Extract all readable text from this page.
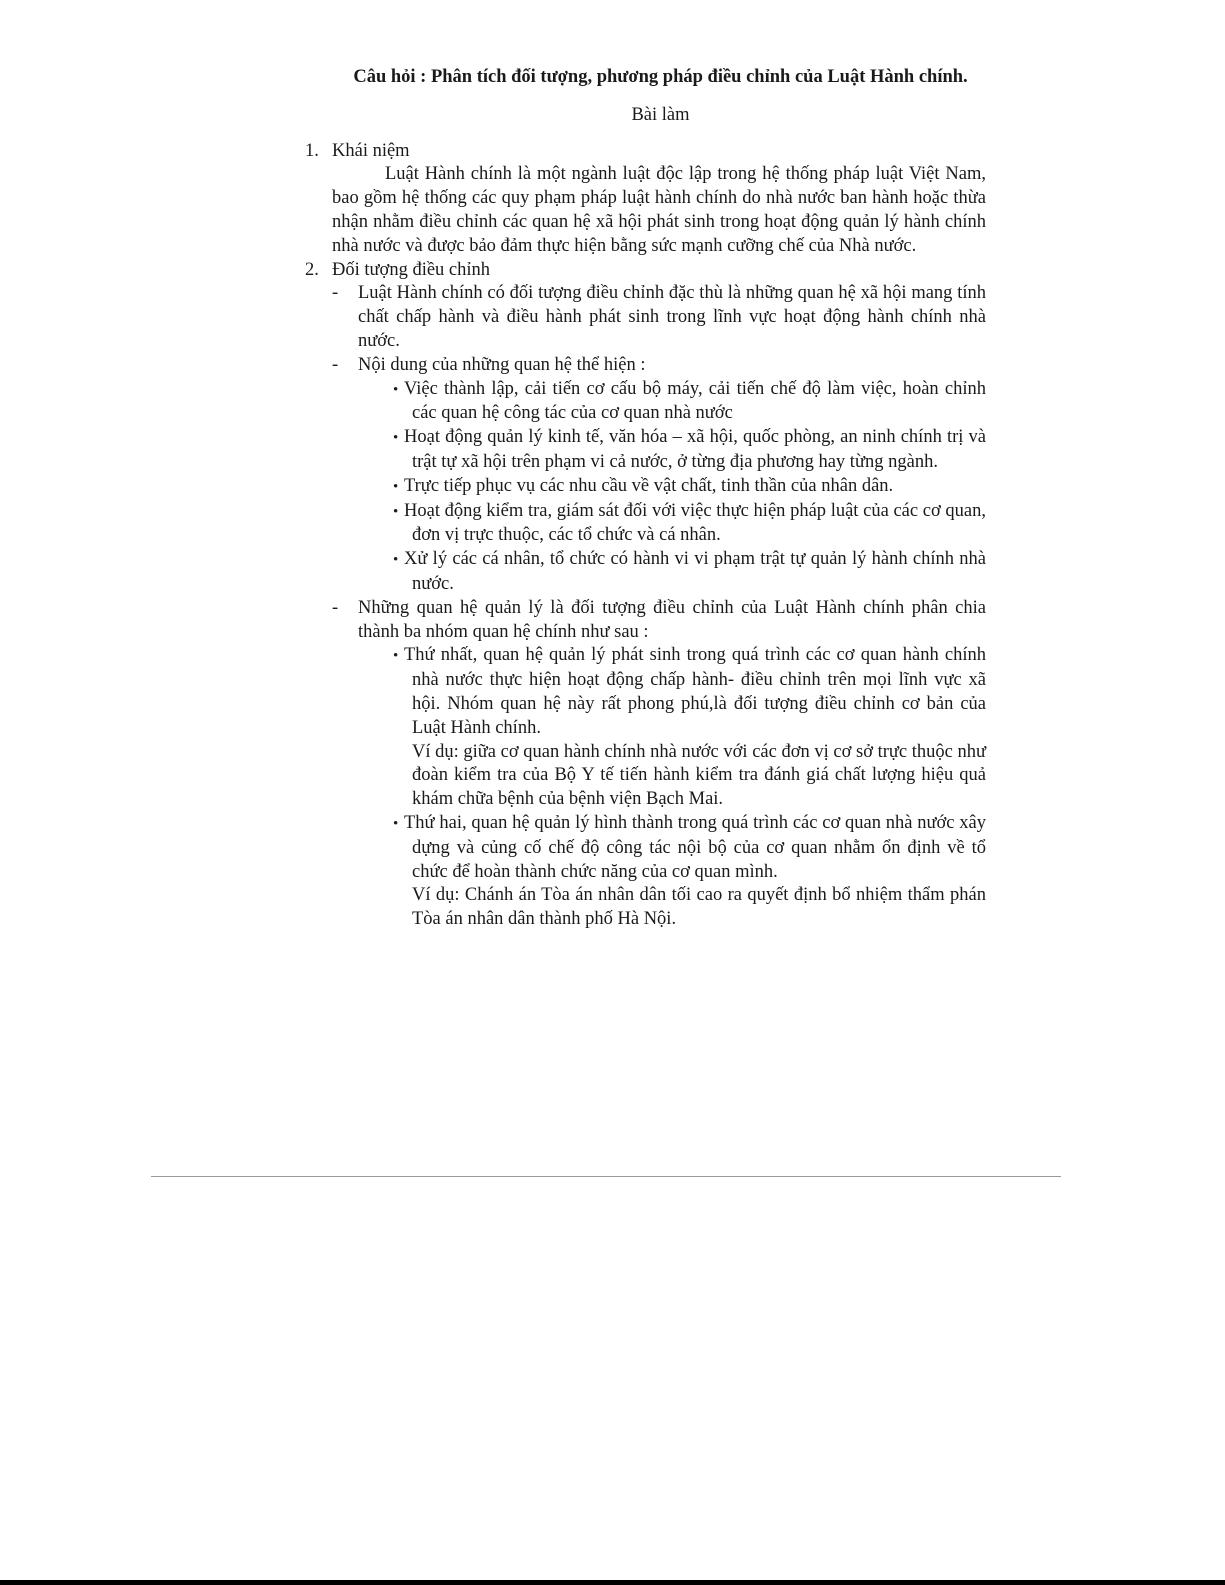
Câu hỏi : Phân tích đối tượng, phương pháp điều chỉnh của Luật Hành chính.
Bài làm
1. Khái niệm
Luật Hành chính là một ngành luật độc lập trong hệ thống pháp luật Việt Nam, bao gồm hệ thống các quy phạm pháp luật hành chính do nhà nước ban hành hoặc thừa nhận nhằm điều chỉnh các quan hệ xã hội phát sinh trong hoạt động quản lý hành chính nhà nước và được bảo đảm thực hiện bằng sức mạnh cưỡng chế của Nhà nước.
2. Đối tượng điều chỉnh
- Luật Hành chính có đối tượng điều chỉnh đặc thù là những quan hệ xã hội mang tính chất chấp hành và điều hành phát sinh trong lĩnh vực hoạt động hành chính nhà nước.
- Nội dung của những quan hệ thể hiện :
• Việc thành lập, cải tiến cơ cấu bộ máy, cải tiến chế độ làm việc, hoàn chỉnh các quan hệ công tác của cơ quan nhà nước
• Hoạt động quản lý kinh tế, văn hóa – xã hội, quốc phòng, an ninh chính trị và trật tự xã hội trên phạm vi cả nước, ở từng địa phương hay từng ngành.
• Trực tiếp phục vụ các nhu cầu về vật chất, tinh thần của nhân dân.
• Hoạt động kiểm tra, giám sát đối với việc thực hiện pháp luật của các cơ quan, đơn vị trực thuộc, các tổ chức và cá nhân.
• Xử lý các cá nhân, tổ chức có hành vi vi phạm trật tự quản lý hành chính nhà nước.
- Những quan hệ quản lý là đối tượng điều chỉnh của Luật Hành chính phân chia thành ba nhóm quan hệ chính như sau :
• Thứ nhất, quan hệ quản lý phát sinh trong quá trình các cơ quan hành chính nhà nước thực hiện hoạt động chấp hành- điều chỉnh trên mọi lĩnh vực xã hội. Nhóm quan hệ này rất phong phú,là đối tượng điều chỉnh cơ bản của Luật Hành chính.
Ví dụ: giữa cơ quan hành chính nhà nước với các đơn vị cơ sở trực thuộc như đoàn kiểm tra của Bộ Y tế tiến hành kiểm tra đánh giá chất lượng hiệu quả khám chữa bệnh của bệnh viện Bạch Mai.
• Thứ hai, quan hệ quản lý hình thành trong quá trình các cơ quan nhà nước xây dựng và củng cố chế độ công tác nội bộ của cơ quan nhằm ổn định về tổ chức để hoàn thành chức năng của cơ quan mình.
Ví dụ: Chánh án Tòa án nhân dân tối cao ra quyết định bổ nhiệm thẩm phán Tòa án nhân dân thành phố Hà Nội.
